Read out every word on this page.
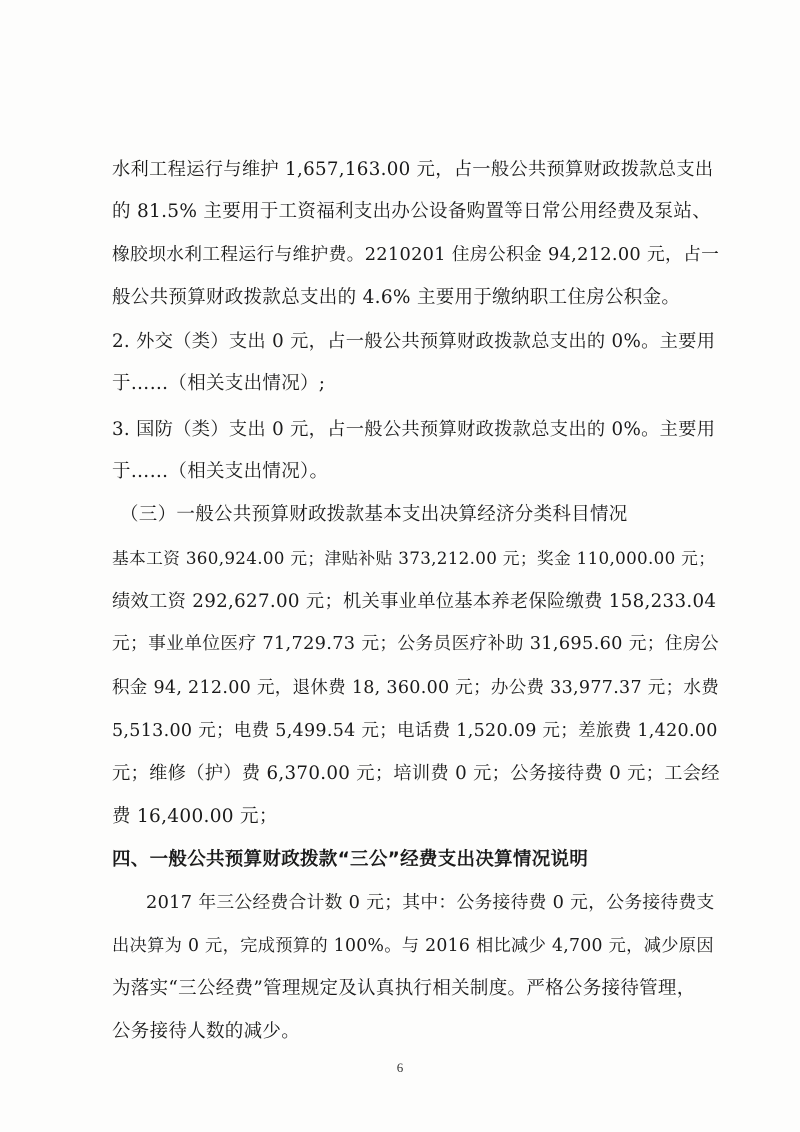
水利工程运行与维护 1,657,163.00 元，占一般公共预算财政拨款总支出
的 81.5% 主要用于工资福利支出办公设备购置等日常公用经费及泵站、
橡胶坝水利工程运行与维护费。2210201 住房公积金 94,212.00 元，占一
般公共预算财政拨款总支出的 4.6% 主要用于缴纳职工住房公积金。
2. 外交（类）支出 0 元，占一般公共预算财政拨款总支出的 0%。主要用
于……（相关支出情况）;
3. 国防（类）支出 0 元，占一般公共预算财政拨款总支出的 0%。主要用
于……（相关支出情况）。
（三）一般公共预算财政拨款基本支出决算经济分类科目情况
基本工资 360,924.00 元；津贴补贴 373,212.00 元；奖金 110,000.00 元；
绩效工资 292,627.00 元；机关事业单位基本养老保险缴费 158,233.04
元；事业单位医疗 71,729.73 元；公务员医疗补助 31,695.60 元；住房公
积金 94, 212.00 元，退休费 18, 360.00 元；办公费 33,977.37 元；水费
5,513.00 元；电费 5,499.54 元；电话费 1,520.09 元；差旅费 1,420.00
元；维修（护）费 6,370.00 元；培训费 0 元；公务接待费 0 元；工会经
费 16,400.00 元；
四、一般公共预算财政拨款“三公”经费支出决算情况说明
2017 年三公经费合计数 0 元；其中：公务接待费 0 元，公务接待费支
出决算为 0 元，完成预算的 100%。与 2016 相比减少 4,700 元，减少原因
为落实“三公经费”管理规定及认真执行相关制度。严格公务接待管理，
公务接待人数的减少。
6
